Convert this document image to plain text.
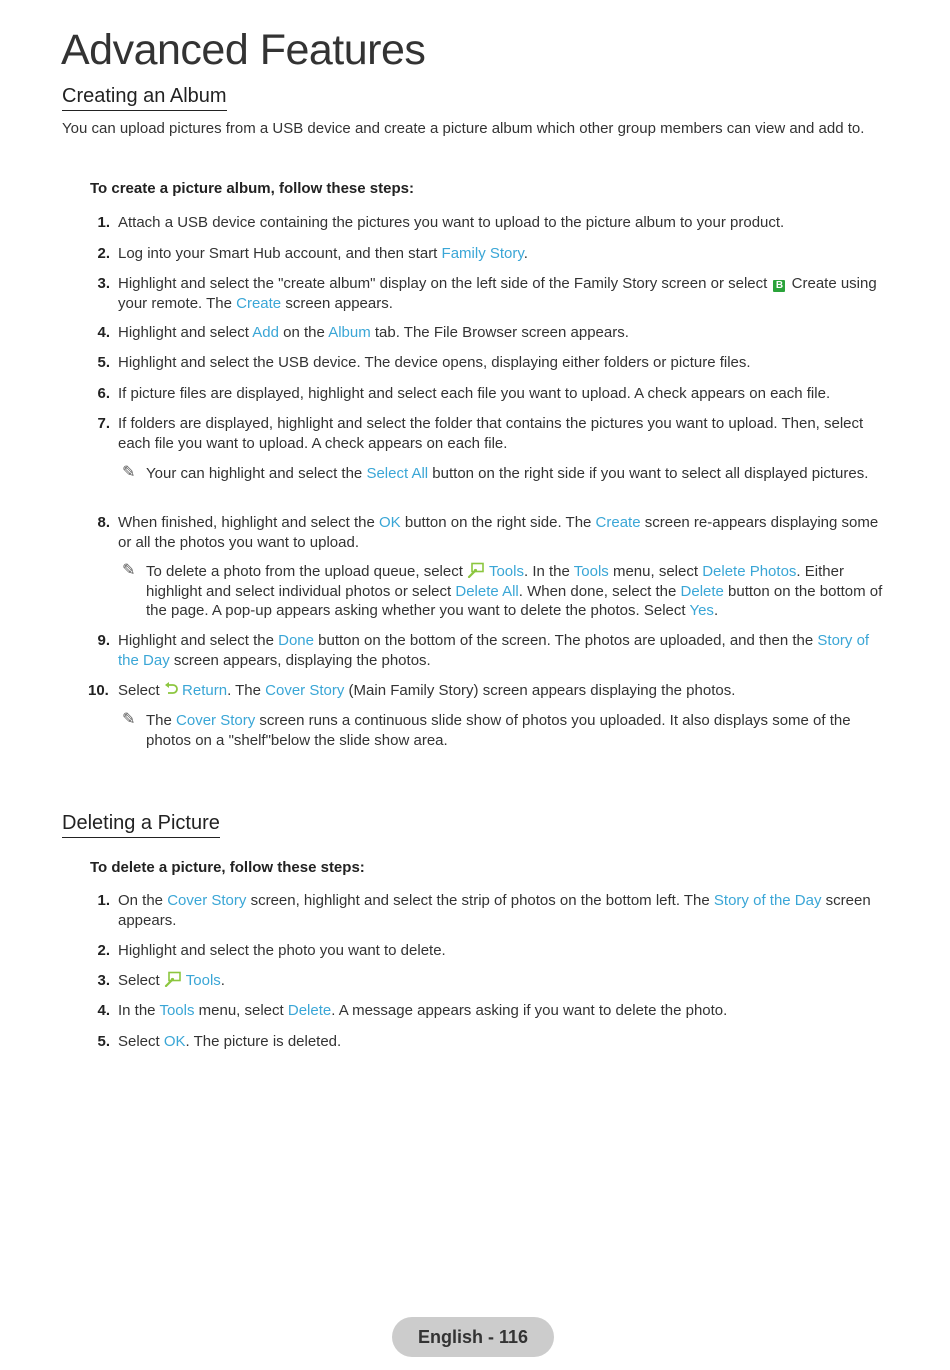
Advanced Features
Creating an Album

You can upload pictures from a USB device and create a picture album which other group members can view and add to.

To create a picture album, follow these steps:

1. Attach a USB device containing the pictures you want to upload to the picture album to your product.
2. Log into your Smart Hub account, and then start Family Story.
3. Highlight and select the "create album" display on the left side of the Family Story screen or select B Create using your remote. The Create screen appears.
4. Highlight and select Add on the Album tab. The File Browser screen appears.
5. Highlight and select the USB device. The device opens, displaying either folders or picture files.
6. If picture files are displayed, highlight and select each file you want to upload. A check appears on each file.
7. If folders are displayed, highlight and select the folder that contains the pictures you want to upload. Then, select each file you want to upload. A check appears on each file.
✎ Your can highlight and select the Select All button on the right side if you want to select all displayed pictures.
8. When finished, highlight and select the OK button on the right side. The Create screen re-appears displaying some or all the photos you want to upload.
✎ To delete a photo from the upload queue, select  Tools. In the Tools menu, select Delete Photos. Either highlight and select individual photos or select Delete All. When done, select the Delete button on the bottom of the page. A pop-up appears asking whether you want to delete the photos. Select Yes.
9. Highlight and select the Done button on the bottom of the screen. The photos are uploaded, and then the Story of the Day screen appears, displaying the photos.
10. Select  Return. The Cover Story (Main Family Story) screen appears displaying the photos.
✎ The Cover Story screen runs a continuous slide show of photos you uploaded. It also displays some of the photos on a "shelf"below the slide show area.
Deleting a Picture

To delete a picture, follow these steps:

1. On the Cover Story screen, highlight and select the strip of photos on the bottom left. The Story of the Day screen appears.
2. Highlight and select the photo you want to delete.
3. Select  Tools.
4. In the Tools menu, select Delete. A message appears asking if you want to delete the photo.
5. Select OK. The picture is deleted.
English - 116
